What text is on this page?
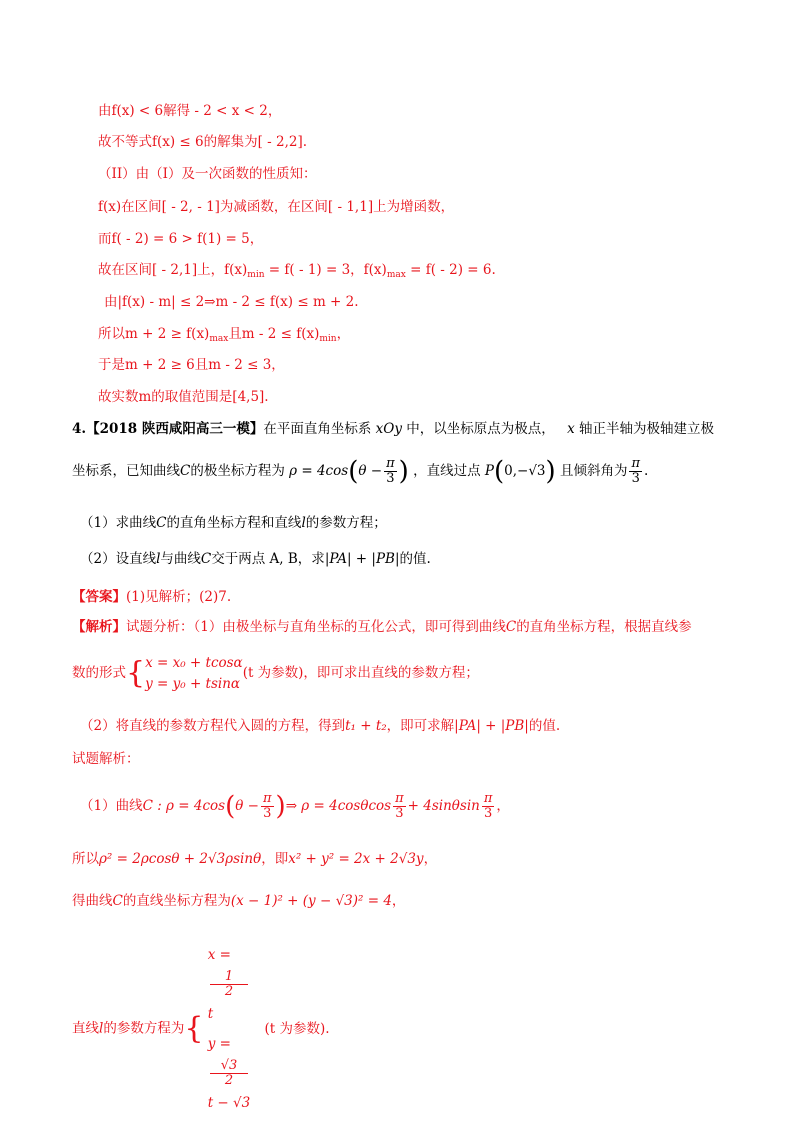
由f(x) < 6解得 - 2 < x < 2，
故不等式f(x) ≤ 6的解集为[ - 2,2].
（II）由（I）及一次函数的性质知：
f(x)在区间[ - 2, - 1]为减函数，在区间[ - 1,1]上为增函数，
而f( - 2) = 6 > f(1) = 5，
故在区间[ - 2,1]上，$f(x)_{min} = f( - 1) = 3$，$f(x)_{max} = f( - 2) = 6$.
由|f(x) - m| ≤ 2⇒m - 2 ≤ f(x) ≤ m + 2.
所以$m + 2 \ge f(x)_{max}$且$m - 2 \le f(x)_{min}$，
于是m + 2 ≥ 6且m - 2 ≤ 3，
故实数m的取值范围是[4,5].
4.【2018 陕西咸阳高三一模】在平面直角坐标系 xOy 中，以坐标原点为极点， x 轴正半轴为极轴建立极
坐标系，已知曲线C的极坐标方程为 $\rho = 4\cos(\theta - \frac{\pi}{3}$ ) ，直线过点 P(0,−√3) 且倾斜角为 $\frac{\pi}{3}$ .
（1）求曲线C的直角坐标方程和直线l的参数方程；
（2）设直线l与曲线C交于两点 A, B，求|PA| + |PB|的值.
【答案】(1)见解析；(2)7.
【解析】试题分析：（1）由极坐标与直角坐标的互化公式，即可得到曲线C的直角坐标方程，根据直线参
数的形式{ x = x₀ + tcosα
y = y₀ + tsinα
(t 为参数)，即可求出直线的参数方程；
（2）将直线的参数方程代入圆的方程，得到t₁ + t₂，即可求解|PA| + |PB|的值.
试题解析：
（1）曲线C : $\rho = 4\cos(\theta - \frac{\pi}{3}$ )⇒ $\rho = 4\cos\theta\cos \frac{\pi}{3} + 4\sin\theta\sin \frac{\pi}{3}$ ，
所以ρ² = 2ρcosθ + 2√3ρsinθ，即x² + y² = 2x + 2√3y，
得曲线C的直线坐标方程为(x − 1)² + (y − √3)² = 4，
直线l的参数方程为{
x =
1
2
t
y =
√3
2
t − √3
(t 为参数).
